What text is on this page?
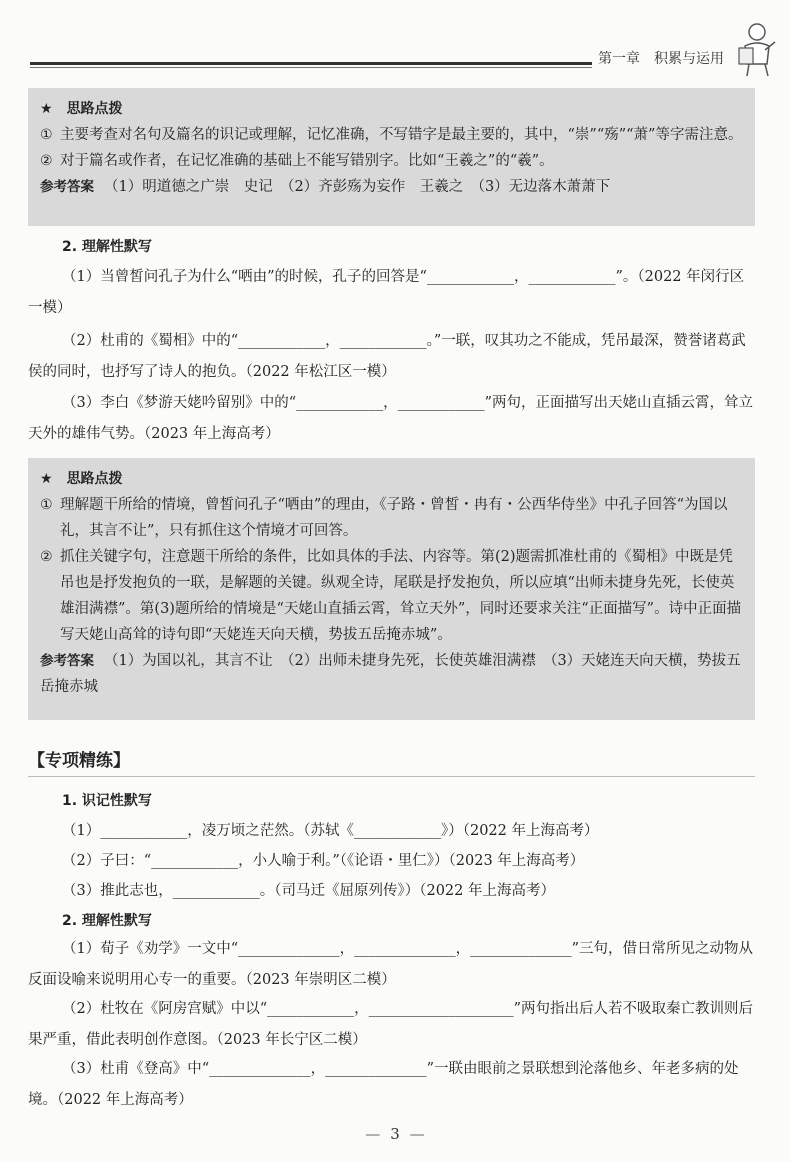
第一章　积累与运用
★ 思路点拨
① 主要考查对名句及篇名的识记或理解，记忆准确，不写错字是最主要的，其中，“崇”“殇”“萧”等字需注意。
② 对于篇名或作者，在记忆准确的基础上不能写错别字。比如“王羲之”的“羲”。
参考答案 （1）明道德之广崇　史记　（2）齐彭殇为妄作　王羲之　（3）无边落木萧萧下
2. 理解性默写
（1）当曾皙问孔子为什么“哂由”的时候，孔子的回答是“____________，____________”。（2022 年闵行区一模）
（2）杜甫的《蜀相》中的“____________，____________。”一联，叹其功之不能成，凭吊最深，赞誉诸葛武侯的同时，也抒写了诗人的抱负。（2022 年松江区一模）
（3）李白《梦游天姥吟留别》中的“____________，____________”两句，正面描写出天姥山直插云霄，耸立天外的雄伟气势。（2023 年上海高考）
★ 思路点拨
① 理解题干所给的情境，曾皙问孔子“哂由”的理由，《子路・曾皙・冉有・公西华侍坐》中孔子回答“为国以礼，其言不让”，只有抓住这个情境才可回答。
② 抓住关键字句，注意题干所给的条件，比如具体的手法、内容等。第(2)题需抓准杜甫的《蜀相》中既是凭吊也是抒发抱负的一联，是解题的关键。纵观全诗，尾联是抒发抱负，所以应填“出师未捷身先死，长使英雄泪满襟”。第(3)题所给的情境是“天姥山直插云霄，耸立天外”，同时还要求关注“正面描写”。诗中正面描写天姥山高耸的诗句即“天姥连天向天横，势拔五岳掩赤城”。
参考答案 （1）为国以礼，其言不让　（2）出师未捷身先死，长使英雄泪满襟　（3）天姥连天向天横，势拔五岳掩赤城
【专项精练】
1. 识记性默写
（1）____________，凌万顷之茫然。（苏轼《____________》）（2022 年上海高考）
（2）子曰：“____________，小人喻于利。”（《论语・里仁》）（2023 年上海高考）
（3）推此志也，____________。（司马迁《屈原列传》）（2022 年上海高考）
2. 理解性默写
（1）荀子《劝学》一文中“______________，______________，______________”三句，借日常所见之动物从反面设喻来说明用心专一的重要。（2023 年崇明区二模）
（2）杜牧在《阿房宫赋》中以“____________，____________________”两句指出后人若不吸取秦亡教训则后果严重，借此表明创作意图。（2023 年长宁区二模）
（3）杜甫《登高》中“______________，______________”一联由眼前之景联想到沦落他乡、年老多病的处境。（2022 年上海高考）
— 3 —
